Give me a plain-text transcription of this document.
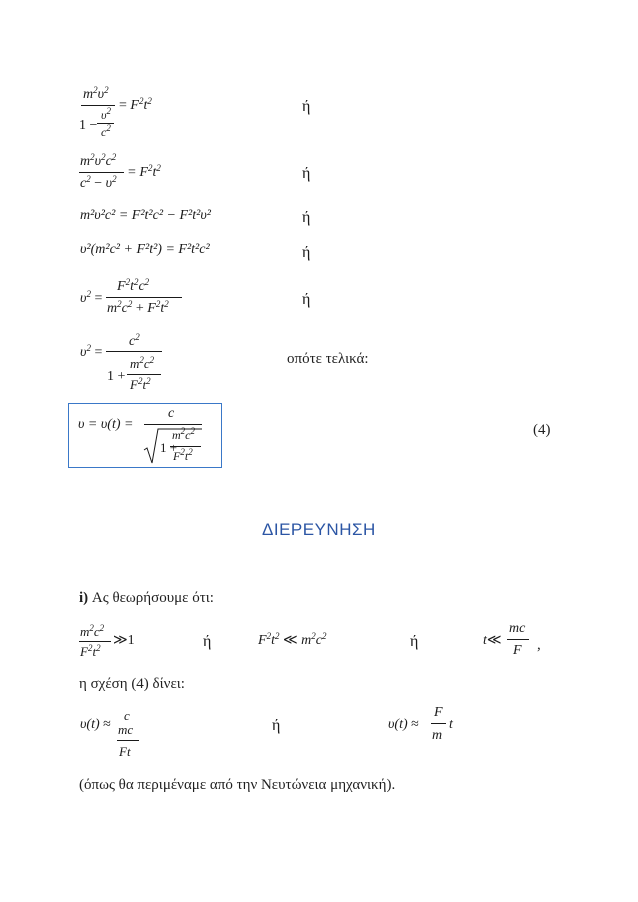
$m^2\upsilon^2$
1 −
$\upsilon^2$
$c^2$
= $F^2t^2$	ή
$m^2\upsilon^2c^2$
$c^2 - \upsilon^2 = F^2t^2$	ή
m²υ²c² = F²t²c² − F²t²υ²	ή
υ²(m²c² + F²t²) = F²t²c²	ή
$\upsilon^2$ =
$F^2t^2c^2$
$m^2c^2 + F^2t^2$	ή
$\upsilon^2$ =
$c^2$
1 +
$m^2c^2$
$F^2t^2$
οπότε τελικά:
υ = υ(t) =
c
1 +
$m^2c^2$
$F^2t^2$
(4)
ΔΙΕΡΕΥΝΗΣΗ
i) Ας θεωρήσουμε ότι:
$m^2c^2$
$F^2t^2$ ≫1	ή	$F^2t^2$ ≪ $m^2c^2$	ή	t≪
mc
F ,
η σχέση (4) δίνει:
υ(t) ≈
c
mc
Ft
ή	υ(t) ≈
F
m
t
(όπως θα περιμέναμε από την Νευτώνεια μηχανική).
